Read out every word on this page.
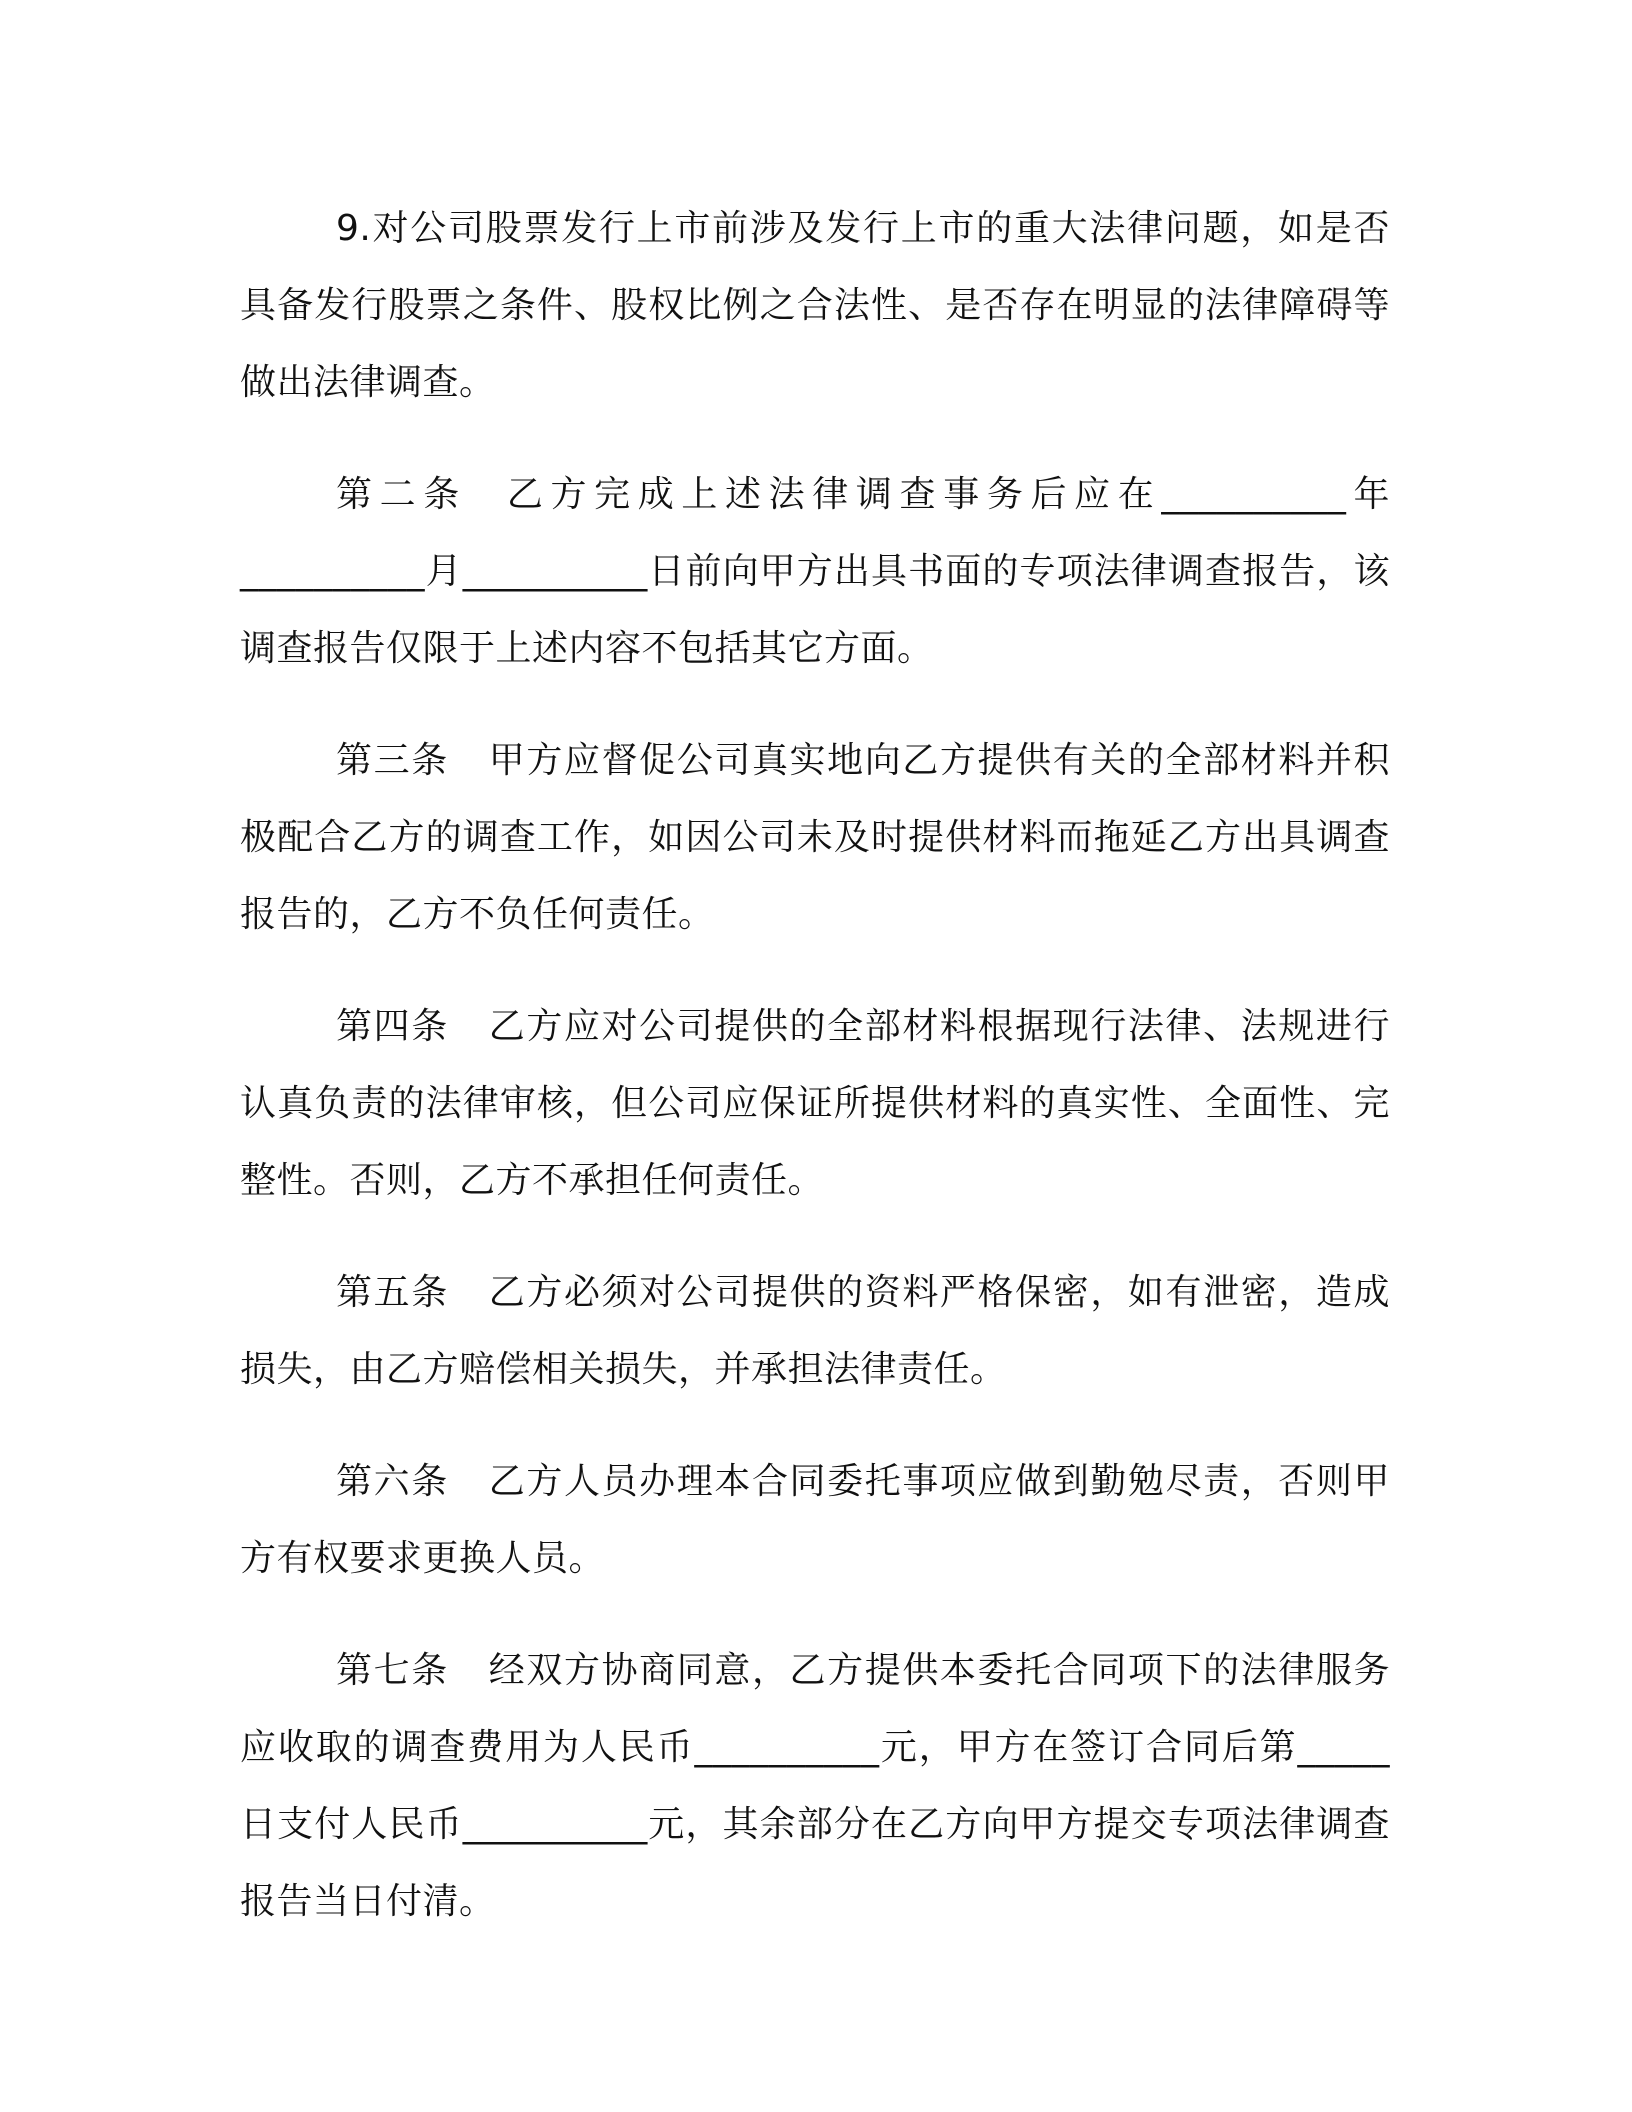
9.对公司股票发行上市前涉及发行上市的重大法律问题，如是否具备发行股票之条件、股权比例之合法性、是否存在明显的法律障碍等做出法律调查。

第二条 乙方完成上述法律调查事务后应在__________年__________月__________日前向甲方出具书面的专项法律调查报告，该调查报告仅限于上述内容不包括其它方面。

第三条 甲方应督促公司真实地向乙方提供有关的全部材料并积极配合乙方的调查工作，如因公司未及时提供材料而拖延乙方出具调查报告的，乙方不负任何责任。

第四条 乙方应对公司提供的全部材料根据现行法律、法规进行认真负责的法律审核，但公司应保证所提供材料的真实性、全面性、完整性。否则，乙方不承担任何责任。

第五条 乙方必须对公司提供的资料严格保密，如有泄密，造成损失，由乙方赔偿相关损失，并承担法律责任。

第六条 乙方人员办理本合同委托事项应做到勤勉尽责，否则甲方有权要求更换人员。

第七条 经双方协商同意，乙方提供本委托合同项下的法律服务应收取的调查费用为人民币__________元，甲方在签订合同后第_____日支付人民币__________元，其余部分在乙方向甲方提交专项法律调查报告当日付清。
